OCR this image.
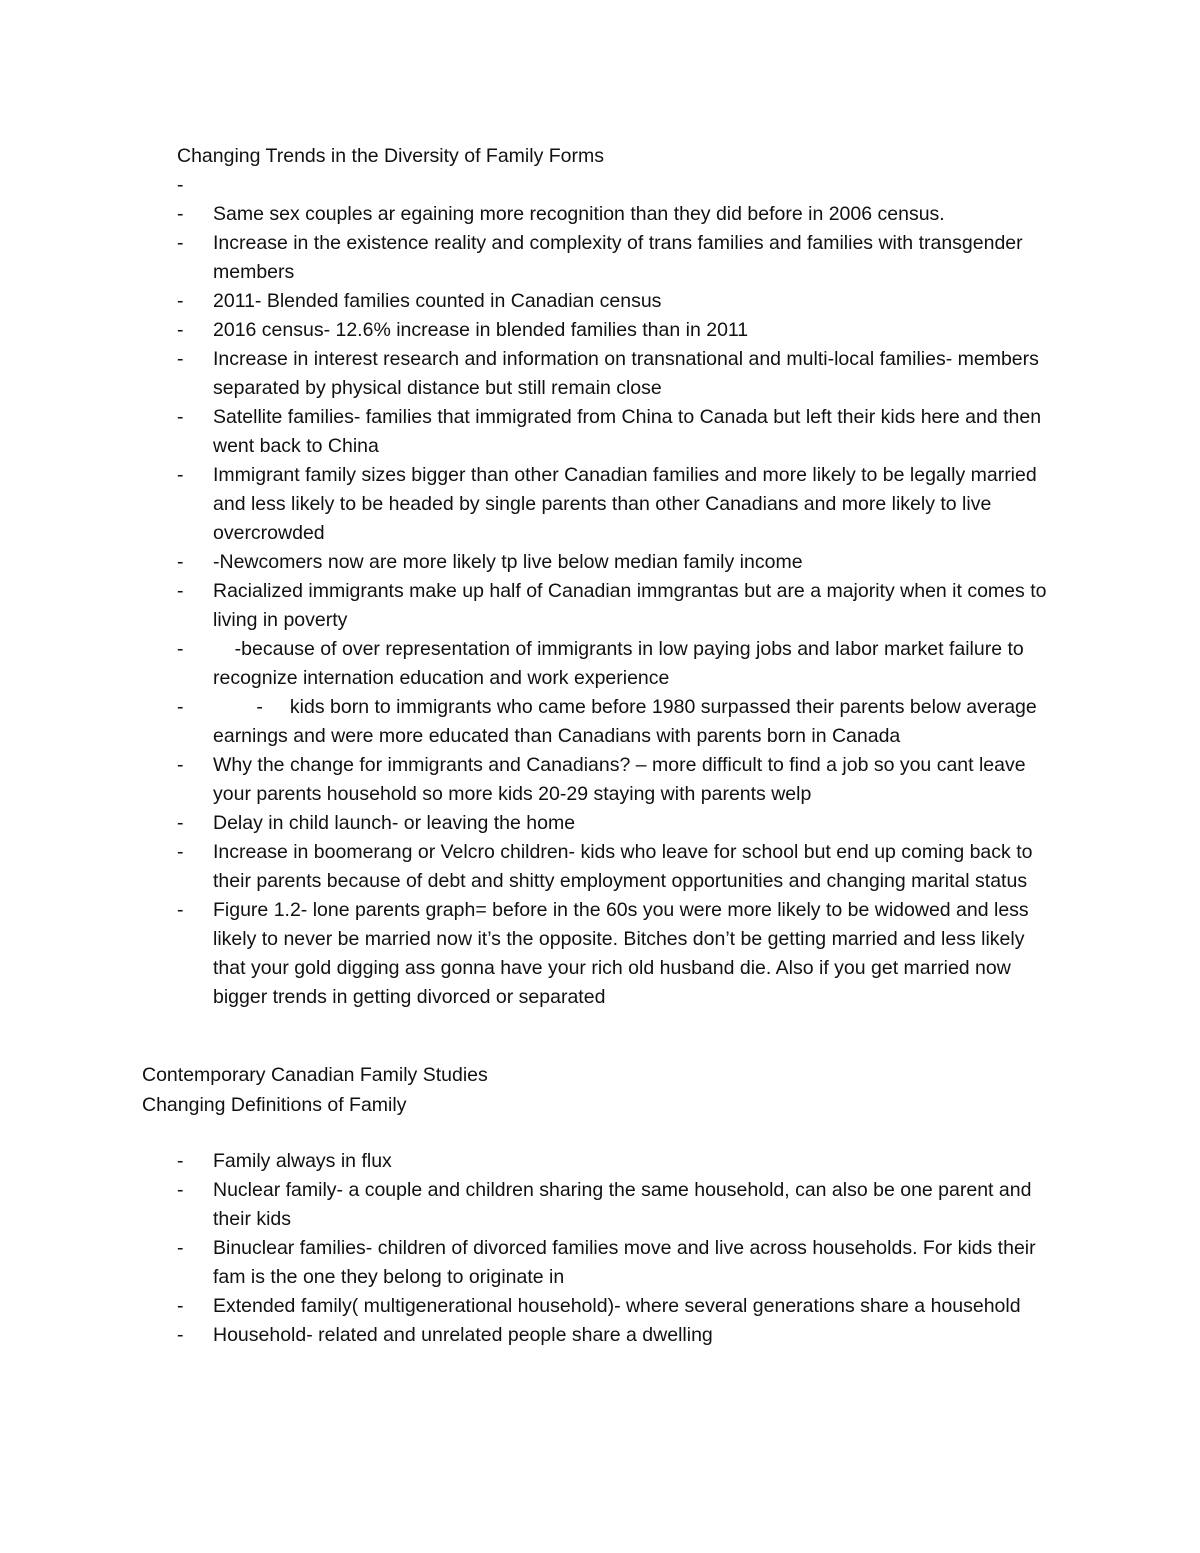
Changing Trends in the Diversity of Family Forms
-
- Same sex couples ar egaining more recognition than they did before in 2006 census.
- Increase in the existence reality and complexity of trans families and families with transgender members
- 2011- Blended families counted in Canadian census
- 2016 census- 12.6% increase in blended families than in 2011
- Increase in interest research and information on transnational and multi-local families- members separated by physical distance but still remain close
- Satellite families- families that immigrated from China to Canada but left their kids here and then went back to China
- Immigrant family sizes bigger than other Canadian families and more likely to be legally married and less likely to be headed by single parents than other Canadians and more likely to live overcrowded
- -Newcomers now are more likely tp live below median family income
- Racialized immigrants make up half of Canadian immgrantas but are a majority when it comes to living in poverty
- -because of over representation of immigrants in low paying jobs and labor market failure to recognize internation education and work experience
- -     kids born to immigrants who came before 1980 surpassed their parents below average earnings and were more educated than Canadians with parents born in Canada
- Why the change for immigrants and Canadians? – more difficult to find a job so you cant leave your parents household so more kids 20-29 staying with parents welp
- Delay in child launch- or leaving the home
- Increase in boomerang or Velcro children- kids who leave for school but end up coming back to their parents because of debt and shitty employment opportunities and changing marital status
- Figure 1.2- lone parents graph= before in the 60s you were more likely to be widowed and less likely to never be married now it’s the opposite. Bitches don’t be getting married and less likely that your gold digging ass gonna have your rich old husband die. Also if you get married now bigger trends in getting divorced or separated
Contemporary Canadian Family Studies
Changing Definitions of Family
- Family always in flux
- Nuclear family- a couple and children sharing the same household, can also be one parent and their kids
- Binuclear families- children of divorced families move and live across households. For kids their fam is the one they belong to originate in
- Extended family( multigenerational household)- where several generations share a household
- Household- related and unrelated people share a dwelling
